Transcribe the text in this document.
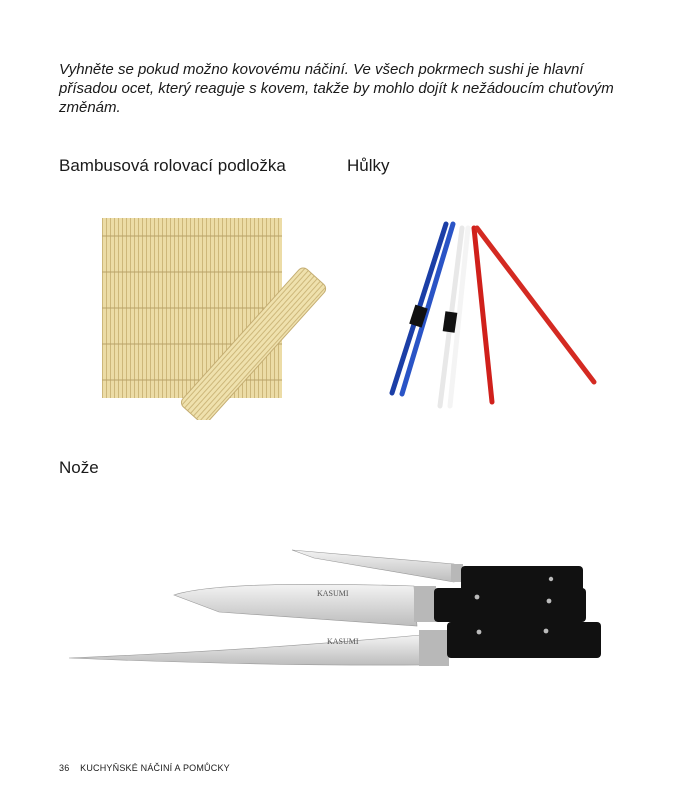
Vyhněte se pokud možno kovovému náčiní. Ve všech pokrmech sushi je hlavní přísadou ocet, který reaguje s kovem, takže by mohlo dojít k nežádoucím chuťovým změnám.

Bambusová rolovací podložka	Hůlky
Nože
KASUMI
KASUMI
36 KUCHYŇSKÉ NÁČINÍ A POMŮCKY
